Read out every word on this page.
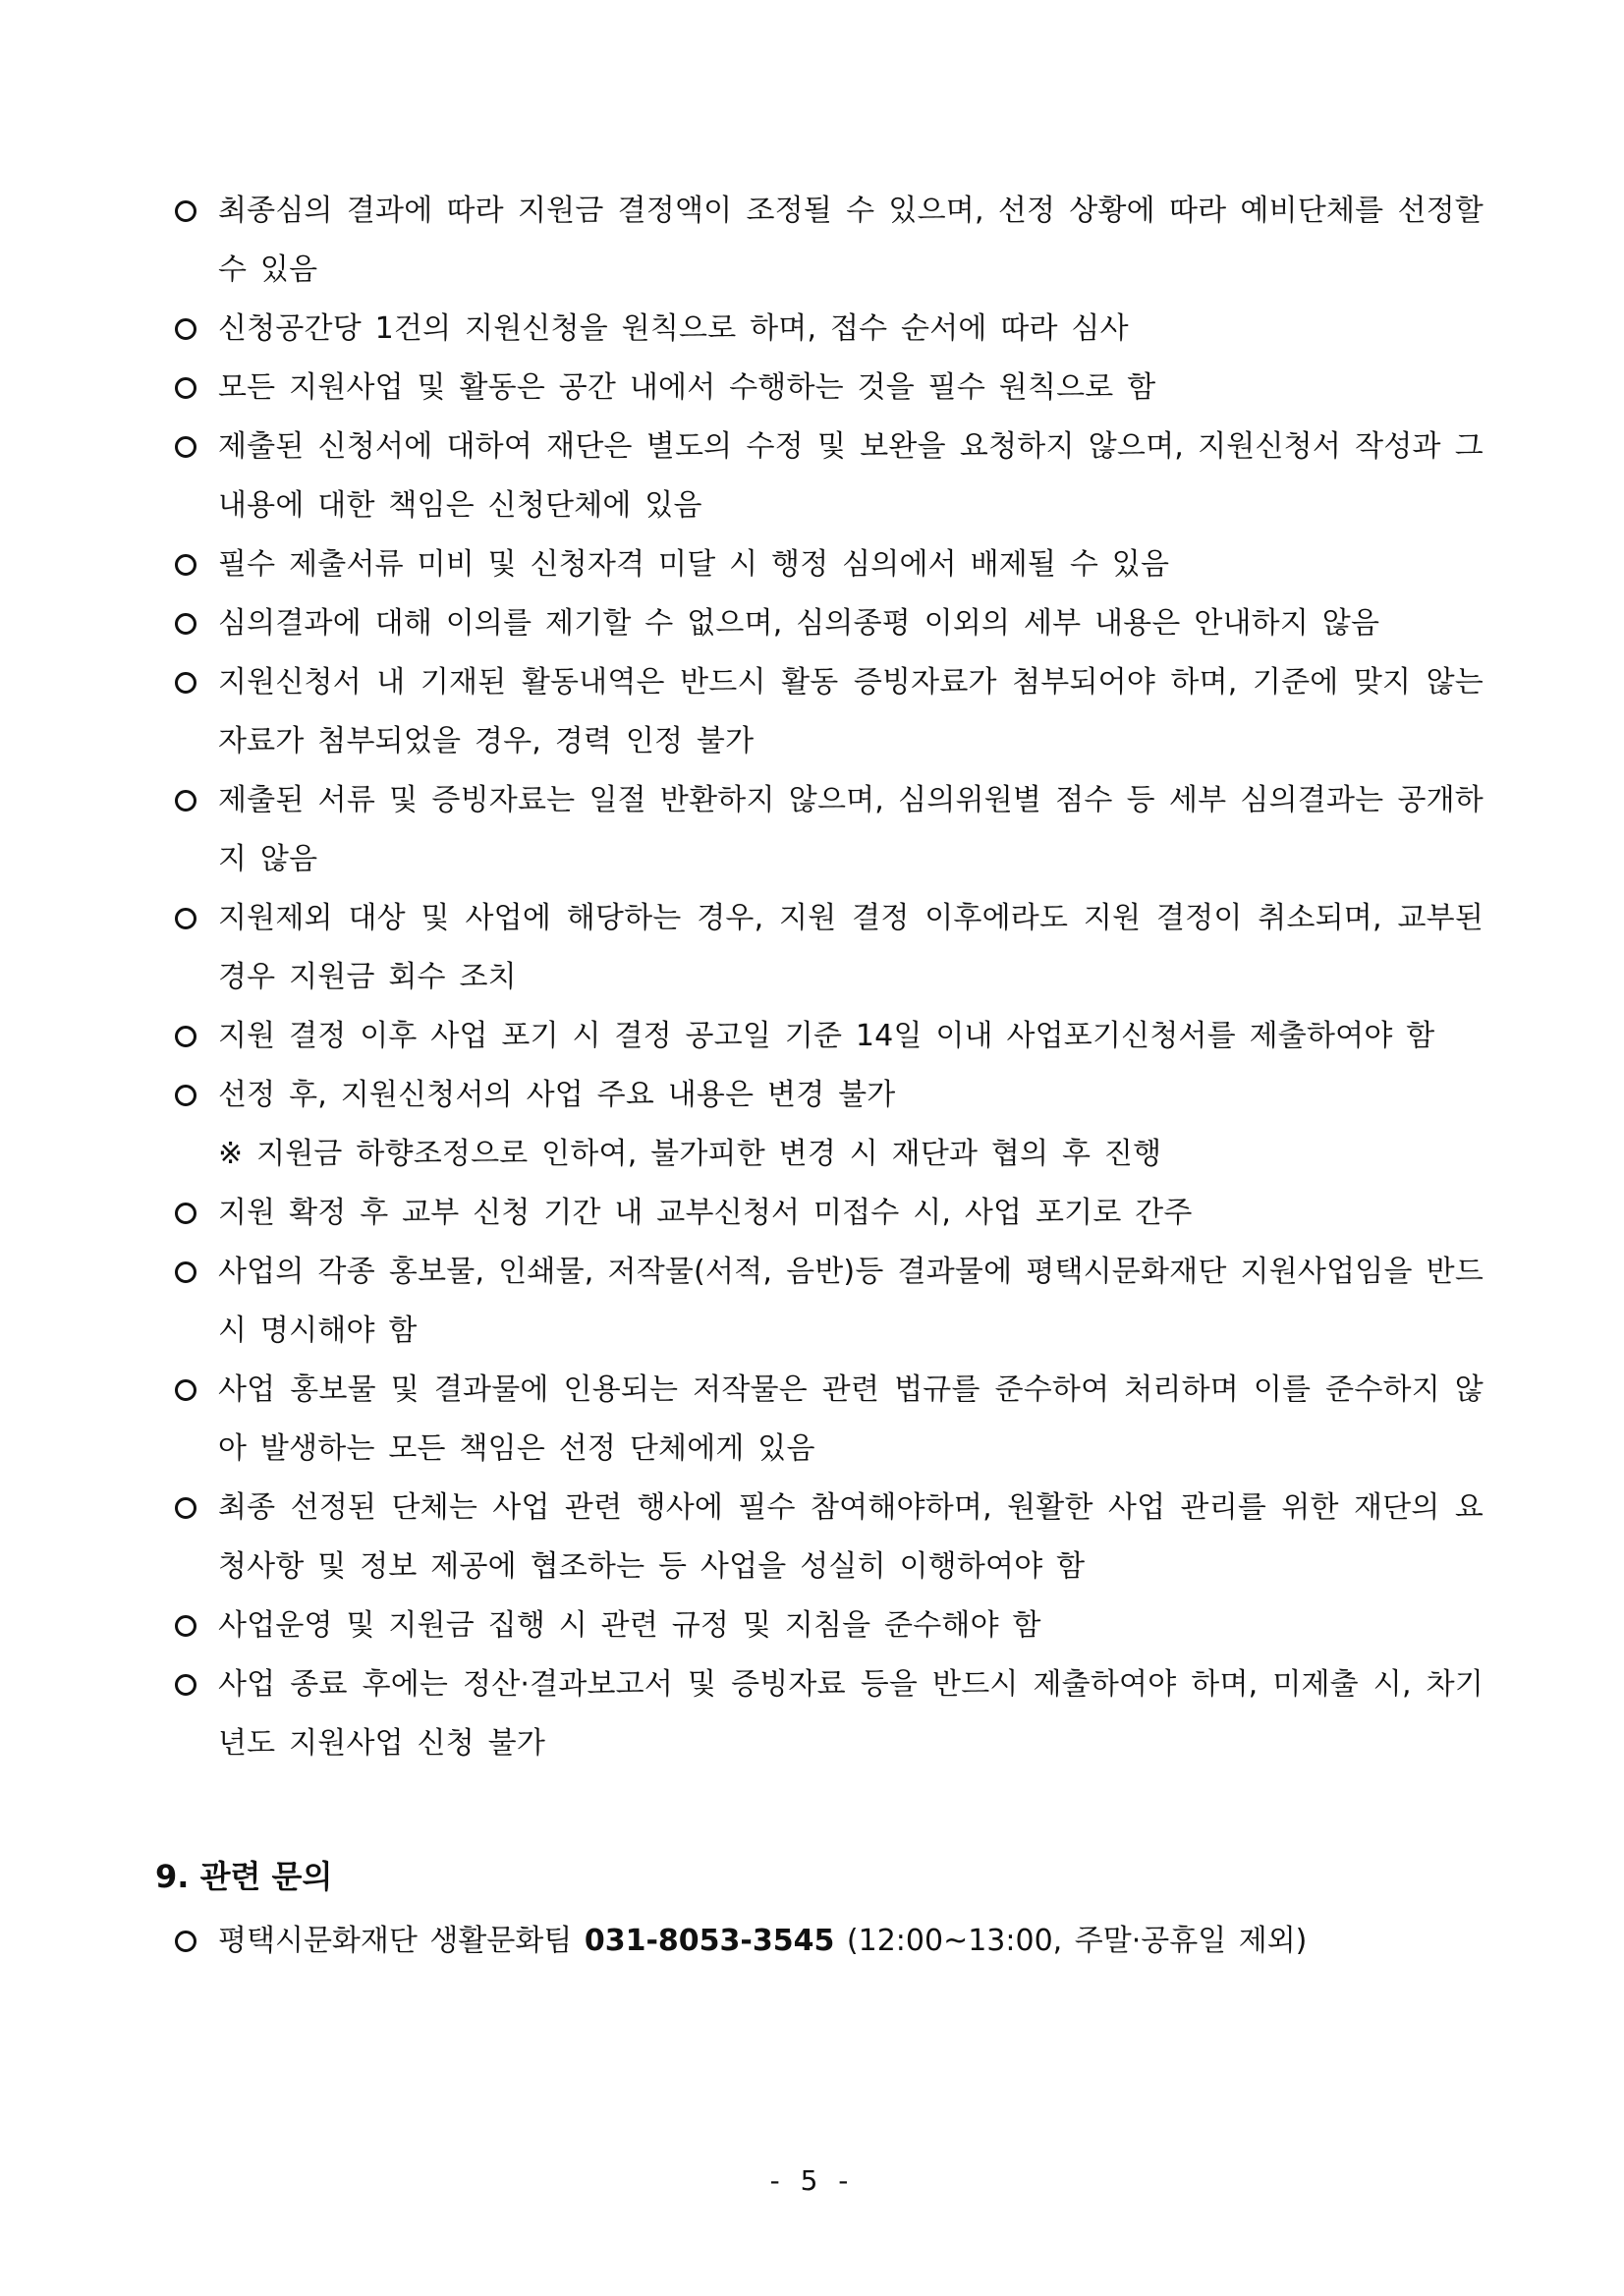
최종심의 결과에 따라 지원금 결정액이 조정될 수 있으며, 선정 상황에 따라 예비단체를 선정할 수 있음
신청공간당 1건의 지원신청을 원칙으로 하며, 접수 순서에 따라 심사
모든 지원사업 및 활동은 공간 내에서 수행하는 것을 필수 원칙으로 함
제출된 신청서에 대하여 재단은 별도의 수정 및 보완을 요청하지 않으며, 지원신청서 작성과 그 내용에 대한 책임은 신청단체에 있음
필수 제출서류 미비 및 신청자격 미달 시 행정 심의에서 배제될 수 있음
심의결과에 대해 이의를 제기할 수 없으며, 심의종평 이외의 세부 내용은 안내하지 않음
지원신청서 내 기재된 활동내역은 반드시 활동 증빙자료가 첨부되어야 하며, 기준에 맞지 않는 자료가 첨부되었을 경우, 경력 인정 불가
제출된 서류 및 증빙자료는 일절 반환하지 않으며, 심의위원별 점수 등 세부 심의결과는 공개하지 않음
지원제외 대상 및 사업에 해당하는 경우, 지원 결정 이후에라도 지원 결정이 취소되며, 교부된 경우 지원금 회수 조치
지원 결정 이후 사업 포기 시 결정 공고일 기준 14일 이내 사업포기신청서를 제출하여야 함
선정 후, 지원신청서의 사업 주요 내용은 변경 불가
※ 지원금 하향조정으로 인하여, 불가피한 변경 시 재단과 협의 후 진행
지원 확정 후 교부 신청 기간 내 교부신청서 미접수 시, 사업 포기로 간주
사업의 각종 홍보물, 인쇄물, 저작물(서적, 음반)등 결과물에 평택시문화재단 지원사업임을 반드시 명시해야 함
사업 홍보물 및 결과물에 인용되는 저작물은 관련 법규를 준수하여 처리하며 이를 준수하지 않아 발생하는 모든 책임은 선정 단체에게 있음
최종 선정된 단체는 사업 관련 행사에 필수 참여해야하며, 원활한 사업 관리를 위한 재단의 요청사항 및 정보 제공에 협조하는 등 사업을 성실히 이행하여야 함
사업운영 및 지원금 집행 시 관련 규정 및 지침을 준수해야 함
사업 종료 후에는 정산·결과보고서 및 증빙자료 등을 반드시 제출하여야 하며, 미제출 시, 차기 년도 지원사업 신청 불가
9. 관련 문의
평택시문화재단 생활문화팀 031-8053-3545 (12:00~13:00, 주말·공휴일 제외)
- 5 -
